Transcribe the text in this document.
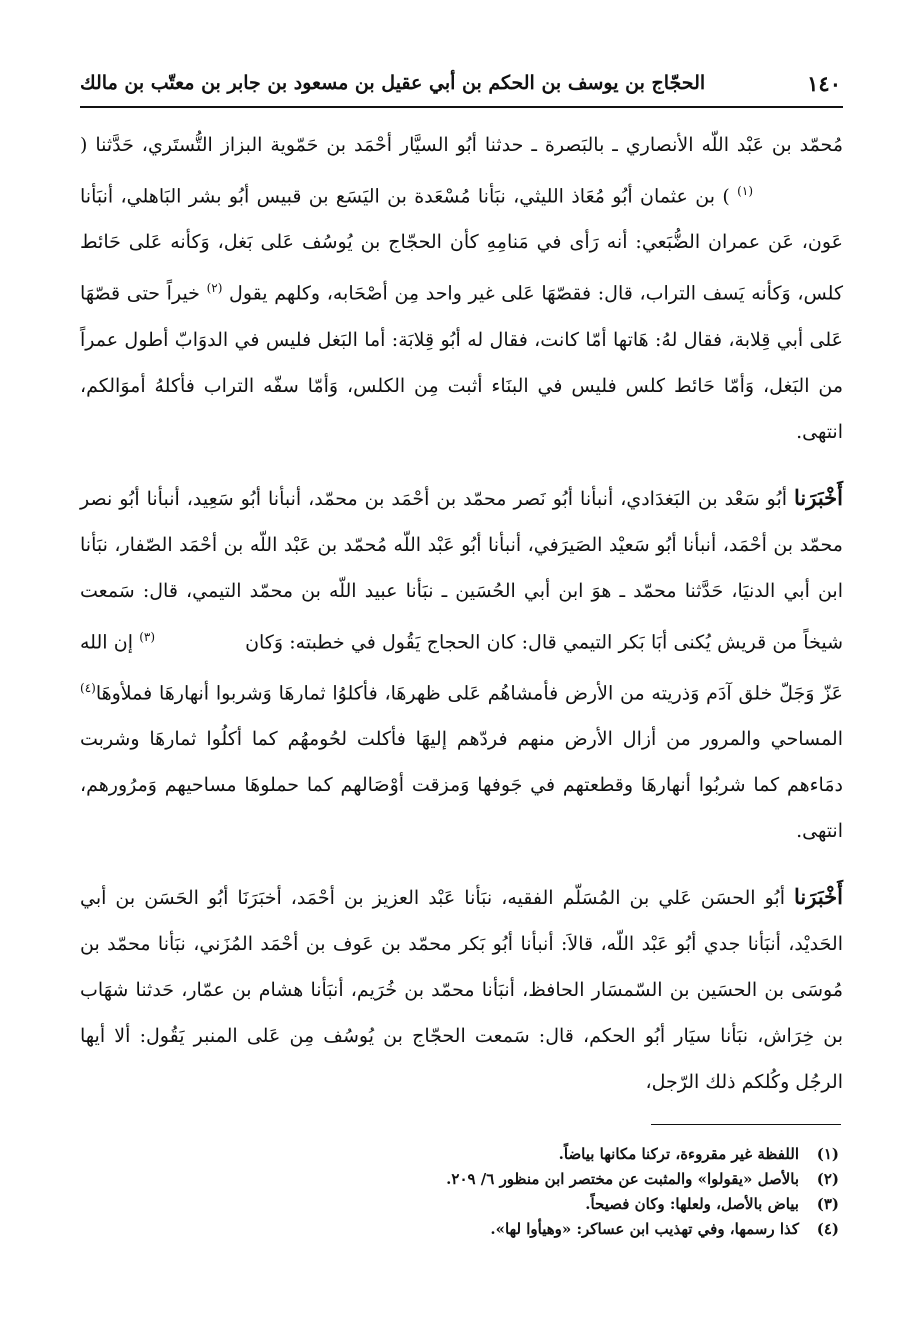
١٤٠
الحجّاج بن يوسف بن الحكم بن أبي عقيل بن مسعود بن جابر بن معتّب بن مالك

مُحمّد بن عَبْد اللّه الأنصاري ـ بالبَصرة ـ حدثنا أبُو السيَّار أحْمَد بن حَمّوية البزاز التُّستَري، حَدَّثنا ($^{(١)}$ ) بن عثمان أبُو مُعَاذ الليثي، نبَأنا مُسْعَدة بن اليَسَع بن قبيس أبُو بشر البَاهلي، أنبَأنا عَون، عَن عمران الضُّبَعي: أنه رَأى في مَنامِهِ كأن الحجّاج بن يُوسُف عَلى بَغل، وَكأنه عَلى حَائط كلس، وَكأنه يَسف التراب، قال: فقصّهَا عَلى غير واحد مِن أصْحَابه، وكلهم يقول $^{(٢)}$ خيراً حتى قصّهَا عَلى أبي قِلابة، فقال لهُ: هَاتها أمّا كانت، فقال له أبُو قِلابَة: أما البَغل فليس في الدوَابّ أطول عمراً من البَغل، وَأمّا حَائط كلس فليس في البنَاء أثبت مِن الكلس، وَأمّا سفّه التراب فأكلهُ أموَالكم، انتهى.

أَخْبَرَنا أبُو سَعْد بن البَغدَادي، أنبأنا أبُو نَصر محمّد بن أحْمَد بن محمّد، أنبأنا أبُو سَعِيد، أنبأنا أبُو نصر محمّد بن أحْمَد، أنبأنا أبُو سَعيْد الصَيرَفي، أنبأنا أبُو عَبْد اللّه مُحمّد بن عَبْد اللّه بن أحْمَد الصّفار، نبَأنا ابن أبي الدنيَا، حَدَّثنا محمّد ـ هوَ ابن أبي الحُسَين ـ نبَأنا عبيد اللّه بن محمّد التيمي، قال: سَمعت شيخاً من قريش يُكنى أبَا بَكر التيمي قال: كان الحجاج يَقُول في خطبته: وَكان$^{(٣)}$ إن الله عَزّ وَجَلّ خلق آدَم وَذريته من الأرض فأمشاهُم عَلى ظهرهَا، فأكلوُا ثمارهَا وَشربوا أنهارهَا فملأوهَا$^{(٤)}$ المساحي والمرور من أزال الأرض منهم فردّهم إليهَا فأكلت لحُومهُم كما أكلُوا ثمارهَا وشربت دمَاءهم كما شربُوا أنهارهَا وقطعتهم في جَوفها وَمزقت أوْصَالهم كما حملوهَا مساحيهم وَمرُورهم، انتهى.

أَخْبَرَنا أبُو الحسَن عَلي بن المُسَلّم الفقيه، نبَأنا عَبْد العزيز بن أحْمَد، أخبَرَنَا أبُو الحَسَن بن أبي الحَديْد، أنبَأنا جدي أبُو عَبْد اللّه، قالاَ: أنبأنا أبُو بَكر محمّد بن عَوف بن أحْمَد المُزَني، نبَأنا محمّد بن مُوسَى بن الحسَين بن السّمسَار الحافظ، أنبَأنا محمّد بن خُرَيم، أنبَأنا هشام بن عمّار، حَدثنا شهَاب بن خِرَاش، نبَأنا سيَار أبُو الحكم، قال: سَمعت الحجّاج بن يُوسُف مِن عَلى المنبر يَقُول: ألا أيها الرجُل وكُلكم ذلك الرّجل،

(١)
اللفظة غير مقروءة، تركنا مكانها بياضاً.
(٢)
بالأصل «يقولوا» والمثبت عن مختصر ابن منظور ٦/ ٢٠٩.
(٣)
بياض بالأصل، ولعلها: وكان فصيحاً.
(٤)
كذا رسمها، وفي تهذيب ابن عساكر: «وهيأوا لها».
